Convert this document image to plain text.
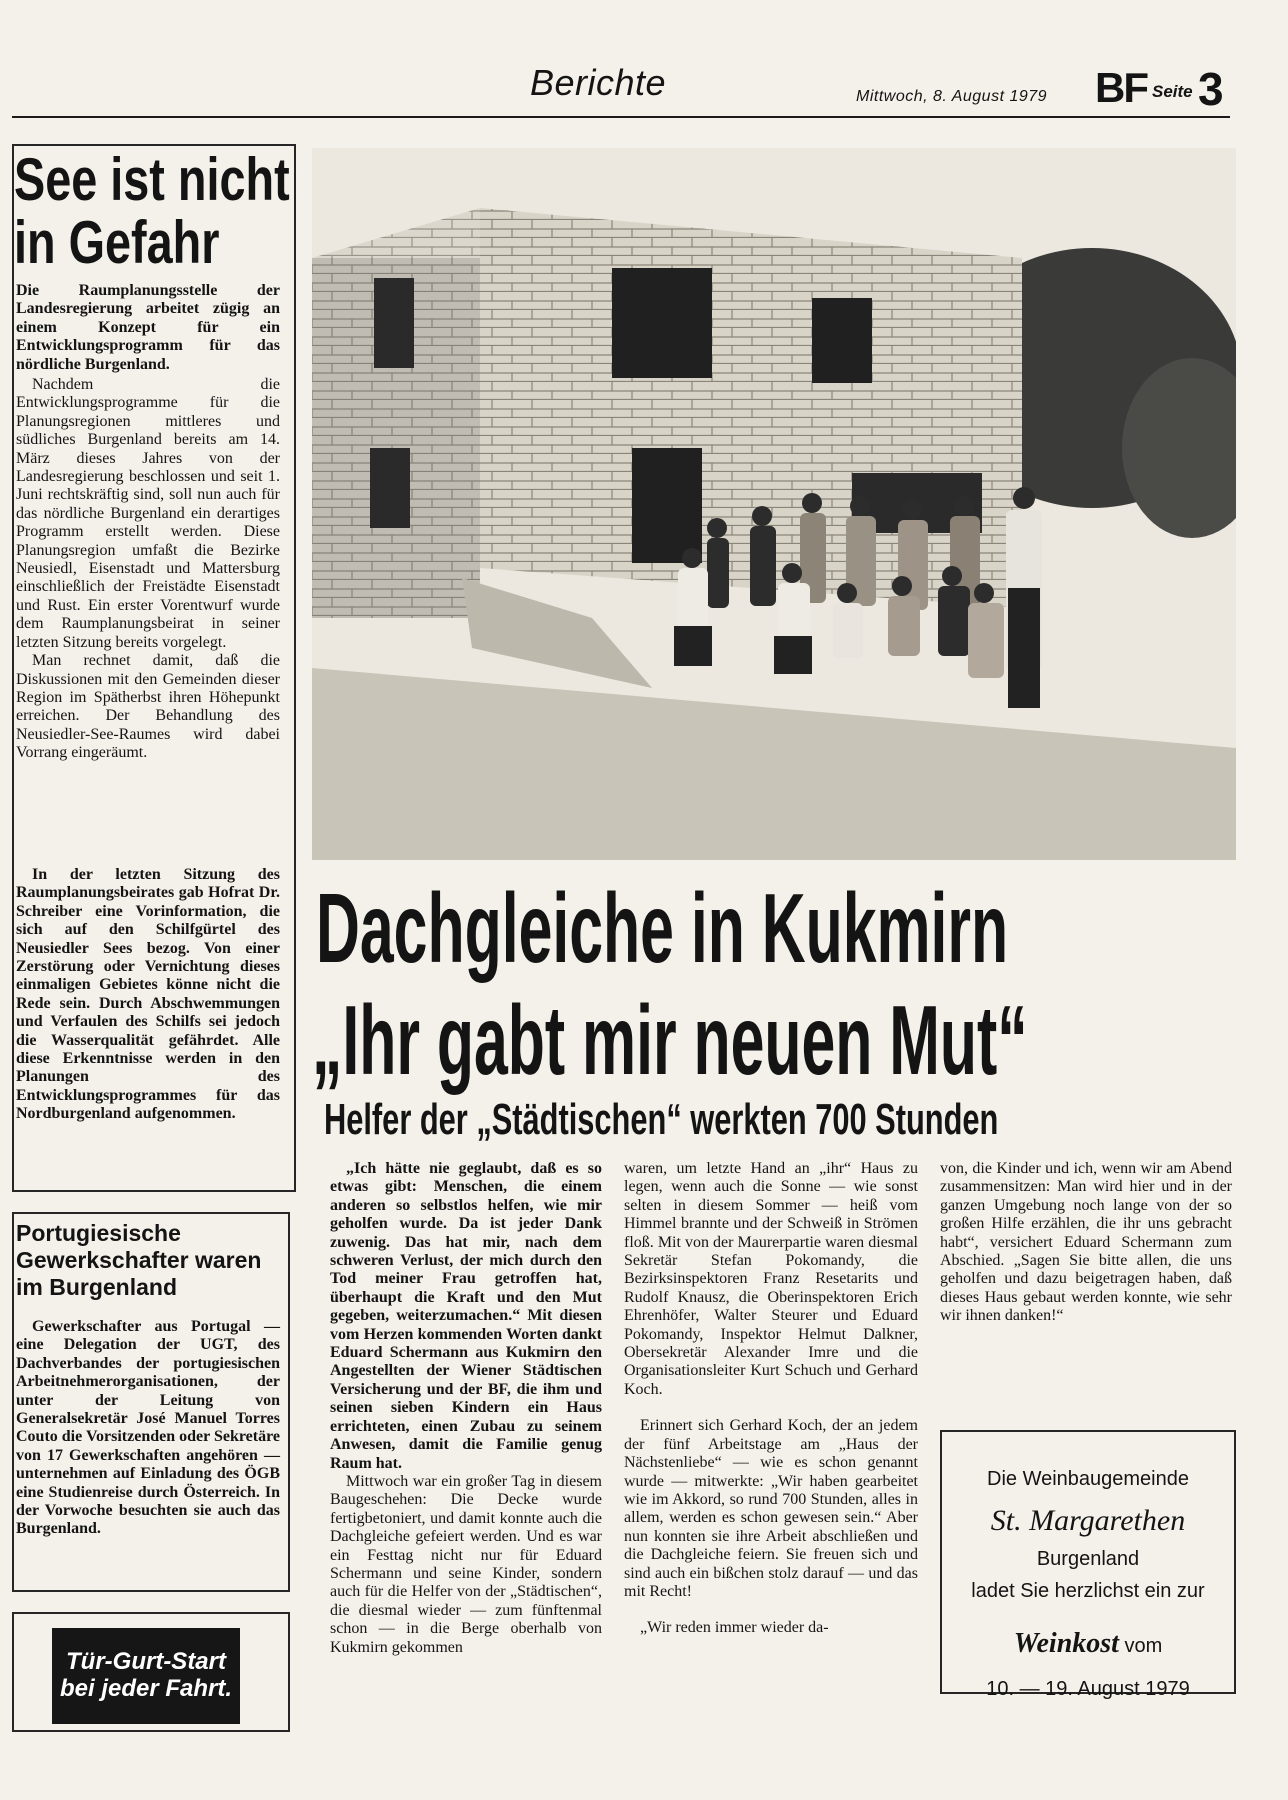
Berichte	Mittwoch, 8. August 1979 BF Seite 3
See ist nicht
in Gefahr

Die Raumplanungsstelle der Landesregierung arbeitet zügig an einem Konzept für ein Entwicklungsprogramm für das nördliche Burgenland.

Nachdem die Entwicklungsprogramme für die Planungsregionen mittleres und südliches Burgenland bereits am 14. März dieses Jahres von der Landesregierung beschlossen und seit 1. Juni rechtskräftig sind, soll nun auch für das nördliche Burgenland ein derartiges Programm erstellt werden. Diese Planungsregion umfaßt die Bezirke Neusiedl, Eisenstadt und Mattersburg einschließlich der Freistädte Eisenstadt und Rust. Ein erster Vorentwurf wurde dem Raumplanungsbeirat in seiner letzten Sitzung bereits vorgelegt.

Man rechnet damit, daß die Diskussionen mit den Gemeinden dieser Region im Spätherbst ihren Höhepunkt erreichen. Der Behandlung des Neusiedler-See-Raumes wird dabei Vorrang eingeräumt.

In der letzten Sitzung des Raumplanungsbeirates gab Hofrat Dr. Schreiber eine Vorinformation, die sich auf den Schilfgürtel des Neusiedler Sees bezog. Von einer Zerstörung oder Vernichtung dieses einmaligen Gebietes könne nicht die Rede sein. Durch Abschwemmungen und Verfaulen des Schilfs sei jedoch die Wasserqualität gefährdet. Alle diese Erkenntnisse werden in den Planungen des Entwicklungsprogrammes für das Nordburgenland aufgenommen.

Portugiesische Gewerkschafter waren im Burgenland

Gewerkschafter aus Portugal — eine Delegation der UGT, des Dachverbandes der portugiesischen Arbeitnehmerorganisationen, der unter der Leitung von Generalsekretär José Manuel Torres Couto die Vorsitzenden oder Sekretäre von 17 Gewerkschaften angehören — unternehmen auf Einladung des ÖGB eine Studienreise durch Österreich. In der Vorwoche besuchten sie auch das Burgenland.

Tür-Gurt-Start
bei jeder Fahrt.
Dachgleiche in Kukmirn
„Ihr gabt mir neuen Mut“
Helfer der „Städtischen“ werkten 700 Stunden

„Ich hätte nie geglaubt, daß es so etwas gibt: Menschen, die einem anderen so selbstlos helfen, wie mir geholfen wurde. Da ist jeder Dank zuwenig. Das hat mir, nach dem schweren Verlust, der mich durch den Tod meiner Frau getroffen hat, überhaupt die Kraft und den Mut gegeben, weiterzumachen.“ Mit diesen vom Herzen kommenden Worten dankt Eduard Schermann aus Kukmirn den Angestellten der Wiener Städtischen Versicherung und der BF, die ihm und seinen sieben Kindern ein Haus errichteten, einen Zubau zu seinem Anwesen, damit die Familie genug Raum hat.

Mittwoch war ein großer Tag in diesem Baugeschehen: Die Decke wurde fertigbetoniert, und damit konnte auch die Dachgleiche gefeiert werden. Und es war ein Festtag nicht nur für Eduard Schermann und seine Kinder, sondern auch für die Helfer von der „Städtischen“, die diesmal wieder — zum fünftenmal schon — in die Berge oberhalb von Kukmirn gekommen

waren, um letzte Hand an „ihr“ Haus zu legen, wenn auch die Sonne — wie sonst selten in diesem Sommer — heiß vom Himmel brannte und der Schweiß in Strömen floß. Mit von der Maurerpartie waren diesmal Sekretär Stefan Pokomandy, die Bezirksinspektoren Franz Resetarits und Rudolf Knausz, die Oberinspektoren Erich Ehrenhöfer, Walter Steurer und Eduard Pokomandy, Inspektor Helmut Dalkner, Obersekretär Alexander Imre und die Organisationsleiter Kurt Schuch und Gerhard Koch.

Erinnert sich Gerhard Koch, der an jedem der fünf Arbeitstage am „Haus der Nächstenliebe“ — wie es schon genannt wurde — mitwerkte: „Wir haben gearbeitet wie im Akkord, so rund 700 Stunden, alles in allem, werden es schon gewesen sein.“ Aber nun konnten sie ihre Arbeit abschließen und die Dachgleiche feiern. Sie freuen sich und sind auch ein bißchen stolz darauf — und das mit Recht!

„Wir reden immer wieder da-

von, die Kinder und ich, wenn wir am Abend zusammensitzen: Man wird hier und in der ganzen Umgebung noch lange von der so großen Hilfe erzählen, die ihr uns gebracht habt“, versichert Eduard Schermann zum Abschied. „Sagen Sie bitte allen, die uns geholfen und dazu beigetragen haben, daß dieses Haus gebaut werden konnte, wie sehr wir ihnen danken!“

Die Weinbaugemeinde
St. Margarethen
Burgenland
ladet Sie herzlichst ein zur
Weinkost vom
10. — 19. August 1979
